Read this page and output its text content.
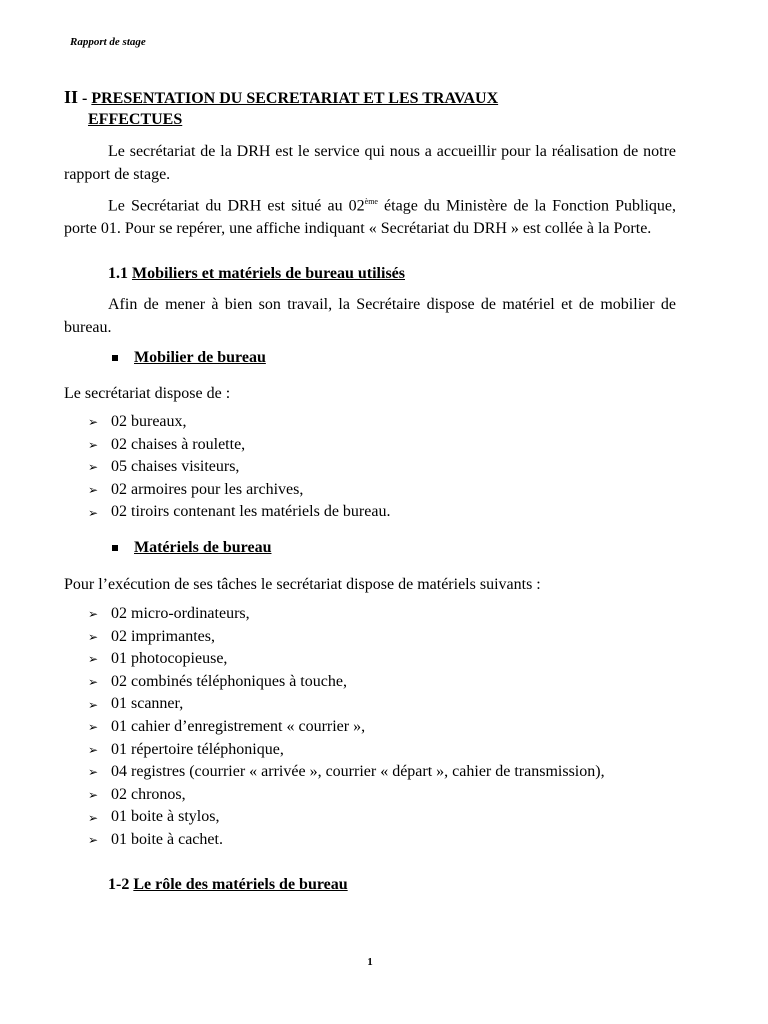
Rapport de stage
II - PRESENTATION DU SECRETARIAT ET LES TRAVAUX
EFFECTUES

Le secrétariat de la DRH est le service qui nous a accueillir pour la réalisation de notre rapport de stage.

Le Secrétariat du DRH est situé au 02ème étage du Ministère de la Fonction Publique, porte 01. Pour se repérer, une affiche indiquant « Secrétariat du DRH » est collée à la Porte.

1.1 Mobiliers et matériels de bureau utilisés

Afin de mener à bien son travail, la Secrétaire dispose de matériel et de mobilier de bureau.

Mobilier de bureau
Le secrétariat dispose de :
➢ 02 bureaux,
➢ 02 chaises à roulette,
➢ 05 chaises visiteurs,
➢ 02 armoires pour les archives,
➢ 02 tiroirs contenant les matériels de bureau.
Matériels de bureau
Pour l’exécution de ses tâches le secrétariat dispose de matériels suivants :
➢ 02 micro-ordinateurs,
➢ 02 imprimantes,
➢ 01 photocopieuse,
➢ 02 combinés téléphoniques à touche,
➢ 01 scanner,
➢ 01 cahier d’enregistrement « courrier »,
➢ 01 répertoire téléphonique,
➢ 04 registres (courrier « arrivée », courrier « départ », cahier de transmission),
➢ 02 chronos,
➢ 01 boite à stylos,
➢ 01 boite à cachet.
1-2 Le rôle des matériels de bureau
1
